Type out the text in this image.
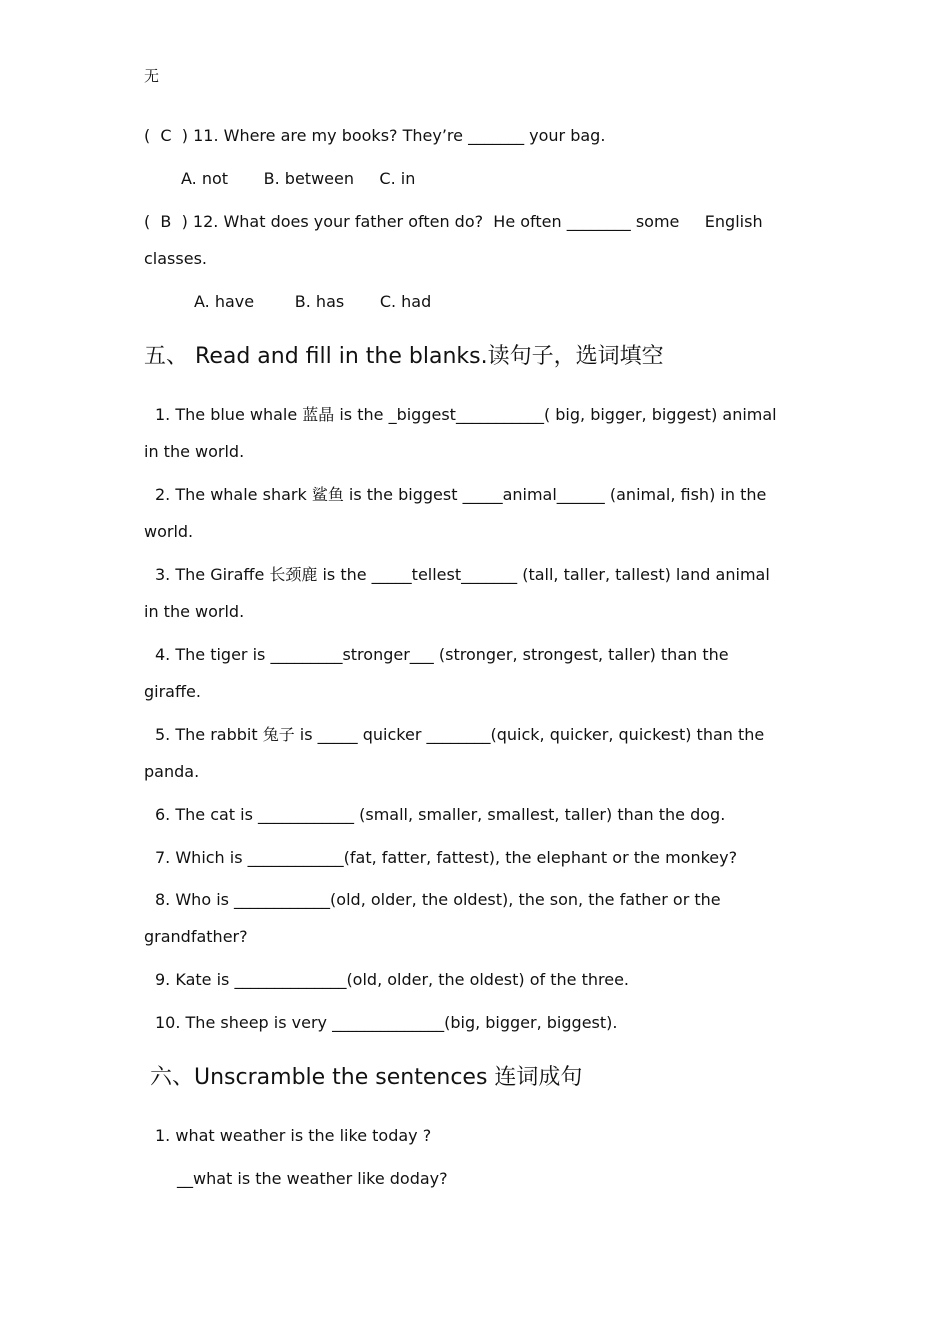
无
(  C  ) 11. Where are my books? They’re _______ your bag.
A. not       B. between     C. in
(  B  ) 12. What does your father often do?  He often ________ some     English
classes.
A. have        B. has       C. had
五、 Read and fill in the blanks.读句子，选词填空
1. The blue whale 蓝晶 is the _biggest___________( big, bigger, biggest) animal
in the world.
2. The whale shark 鲨鱼 is the biggest _____animal______ (animal, fish) in the
world.
3. The Giraffe 长颈鹿 is the _____tellest_______ (tall, taller, tallest) land animal
in the world.
4. The tiger is _________stronger___ (stronger, strongest, taller) than the
giraffe.
5. The rabbit 兔子 is _____ quicker ________(quick, quicker, quickest) than the
panda.
6. The cat is ____________ (small, smaller, smallest, taller) than the dog.
7. Which is ____________(fat, fatter, fattest), the elephant or the monkey?
8. Who is ____________(old, older, the oldest), the son, the father or the
grandfather?
9. Kate is ______________(old, older, the oldest) of the three.
10. The sheep is very ______________(big, bigger, biggest).
六、Unscramble the sentences 连词成句
1. what weather is the like today ?
__what is the weather like doday?
